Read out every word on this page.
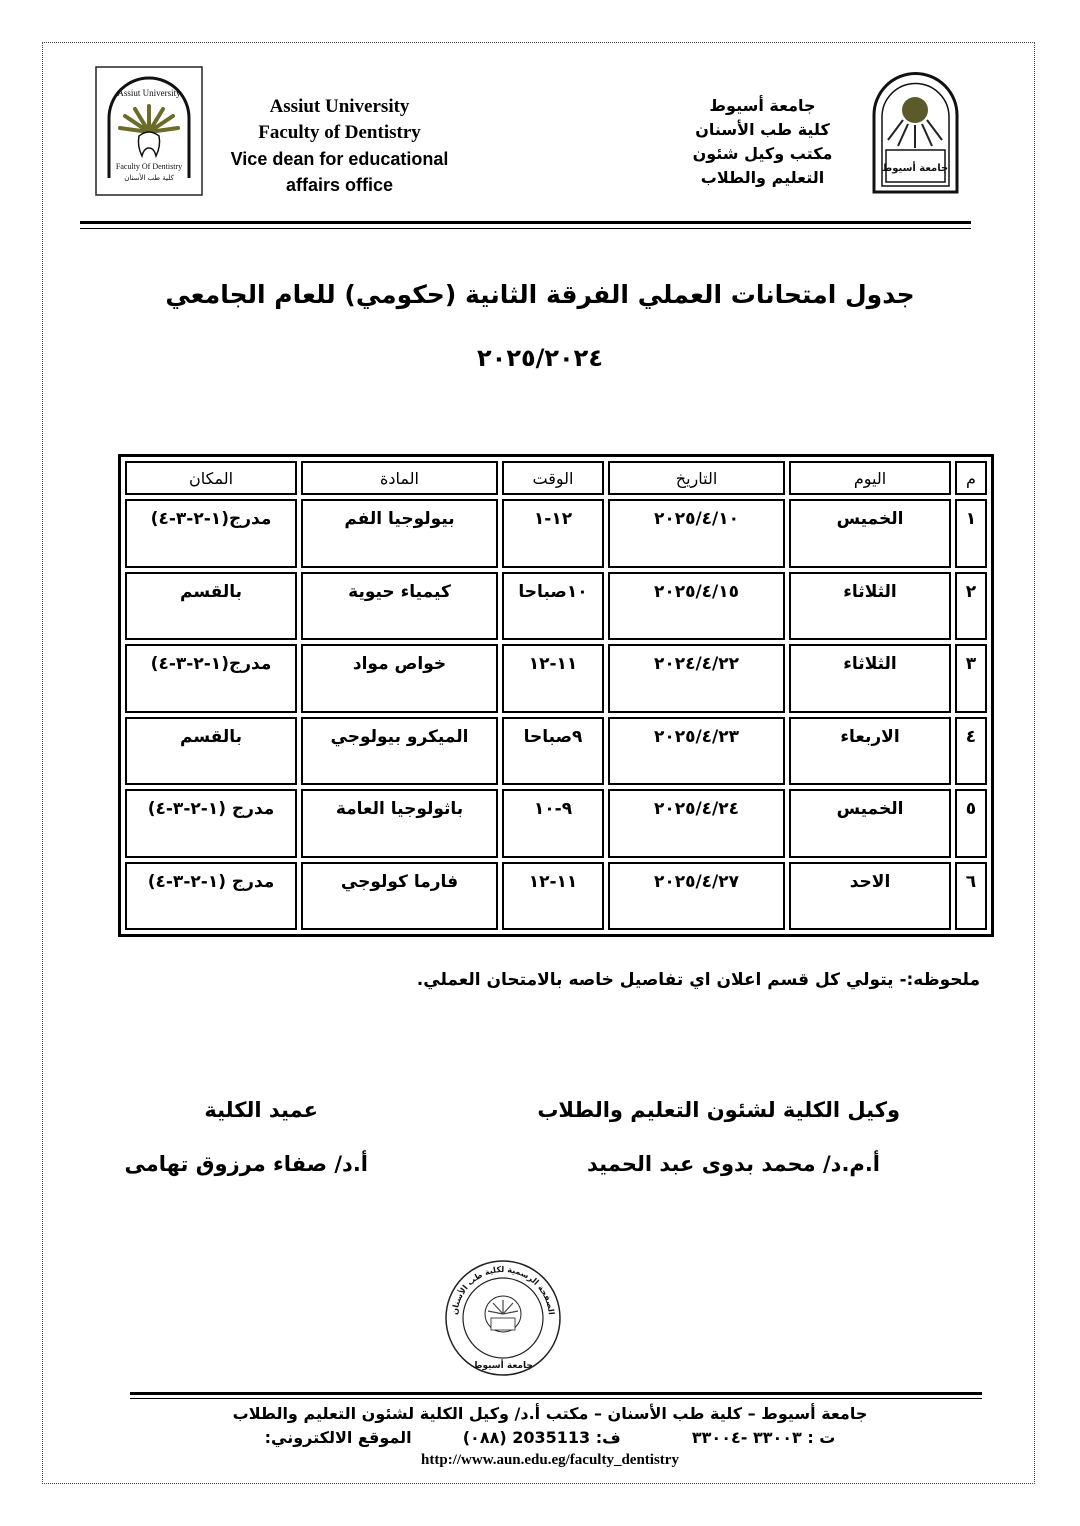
Assiut University
Faculty Of Dentistry
كلية طب الأسنان
Assiut University
Faculty of Dentistry
Vice dean for educational
affairs office
جامعة أسيوط
كلية طب الأسنان
مكتب وكيل شئون
التعليم والطلاب	جامعة أسيوط
جدول امتحانات العملي الفرقة الثانية (حكومي) للعام الجامعي
٢٠٢٥/٢٠٢٤
م	اليوم	التاريخ	الوقت	المادة	المكان
١	الخميس	٢٠٢٥/٤/١٠	١٢-١	بيولوجيا الفم	مدرج(١-٢-٣-٤)
٢	الثلاثاء	٢٠٢٥/٤/١٥	١٠صباحا	كيمياء حيوية	بالقسم
٣	الثلاثاء	٢٠٢٤/٤/٢٢	١١-١٢	خواص مواد	مدرج(١-٢-٣-٤)
٤	الاربعاء	٢٠٢٥/٤/٢٣	٩صباحا	الميكرو بيولوجي	بالقسم
٥	الخميس	٢٠٢٥/٤/٢٤	٩-١٠	باثولوجيا العامة	مدرج (١-٢-٣-٤)
٦	الاحد	٢٠٢٥/٤/٢٧	١١-١٢	فارما كولوجي	مدرج (١-٢-٣-٤)
ملحوظه:- يتولي كل قسم اعلان اي تفاصيل خاصه بالامتحان العملي.
وكيل الكلية لشئون التعليم والطلاب
أ.م.د/ محمد بدوى عبد الحميد
عميد الكلية
أ.د/ صفاء مرزوق تهامى
الصفحة الرسمية لكلية طب الأسنان
جامعة أسيوط
جامعة أسيوط – كلية طب الأسنان – مكتب أ.د/ وكيل الكلية لشئون التعليم والطلاب
ت : ٣٣٠٠٣ -٣٣٠٠٤  ف: 2035113 (٠٨٨)  الموقع الالكتروني:
http://www.aun.edu.eg/faculty_dentistry
